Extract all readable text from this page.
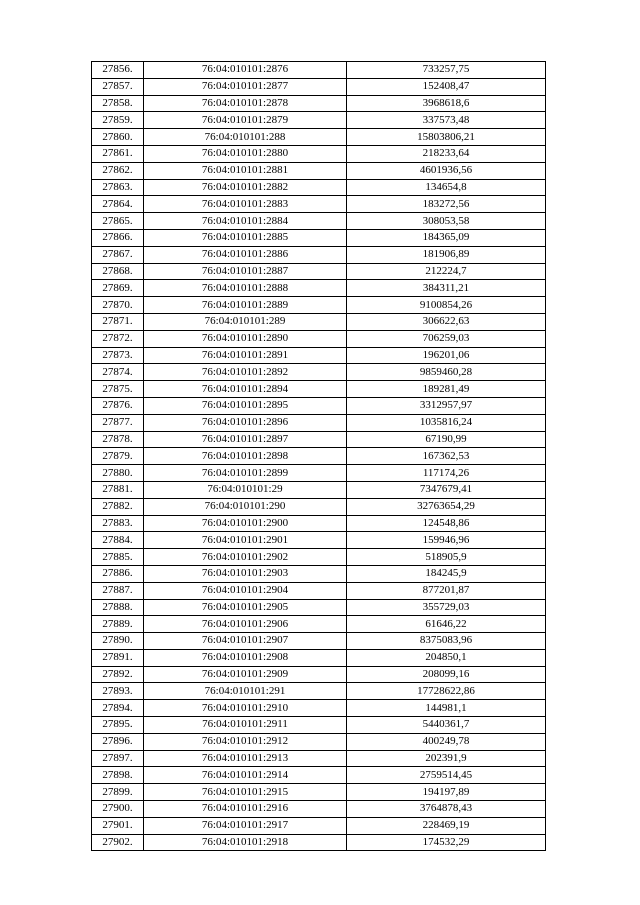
27856.	76:04:010101:2876	733257,75
27857.	76:04:010101:2877	152408,47
27858.	76:04:010101:2878	3968618,6
27859.	76:04:010101:2879	337573,48
27860.	76:04:010101:288	15803806,21
27861.	76:04:010101:2880	218233,64
27862.	76:04:010101:2881	4601936,56
27863.	76:04:010101:2882	134654,8
27864.	76:04:010101:2883	183272,56
27865.	76:04:010101:2884	308053,58
27866.	76:04:010101:2885	184365,09
27867.	76:04:010101:2886	181906,89
27868.	76:04:010101:2887	212224,7
27869.	76:04:010101:2888	384311,21
27870.	76:04:010101:2889	9100854,26
27871.	76:04:010101:289	306622,63
27872.	76:04:010101:2890	706259,03
27873.	76:04:010101:2891	196201,06
27874.	76:04:010101:2892	9859460,28
27875.	76:04:010101:2894	189281,49
27876.	76:04:010101:2895	3312957,97
27877.	76:04:010101:2896	1035816,24
27878.	76:04:010101:2897	67190,99
27879.	76:04:010101:2898	167362,53
27880.	76:04:010101:2899	117174,26
27881.	76:04:010101:29	7347679,41
27882.	76:04:010101:290	32763654,29
27883.	76:04:010101:2900	124548,86
27884.	76:04:010101:2901	159946,96
27885.	76:04:010101:2902	518905,9
27886.	76:04:010101:2903	184245,9
27887.	76:04:010101:2904	877201,87
27888.	76:04:010101:2905	355729,03
27889.	76:04:010101:2906	61646,22
27890.	76:04:010101:2907	8375083,96
27891.	76:04:010101:2908	204850,1
27892.	76:04:010101:2909	208099,16
27893.	76:04:010101:291	17728622,86
27894.	76:04:010101:2910	144981,1
27895.	76:04:010101:2911	5440361,7
27896.	76:04:010101:2912	400249,78
27897.	76:04:010101:2913	202391,9
27898.	76:04:010101:2914	2759514,45
27899.	76:04:010101:2915	194197,89
27900.	76:04:010101:2916	3764878,43
27901.	76:04:010101:2917	228469,19
27902.	76:04:010101:2918	174532,29
